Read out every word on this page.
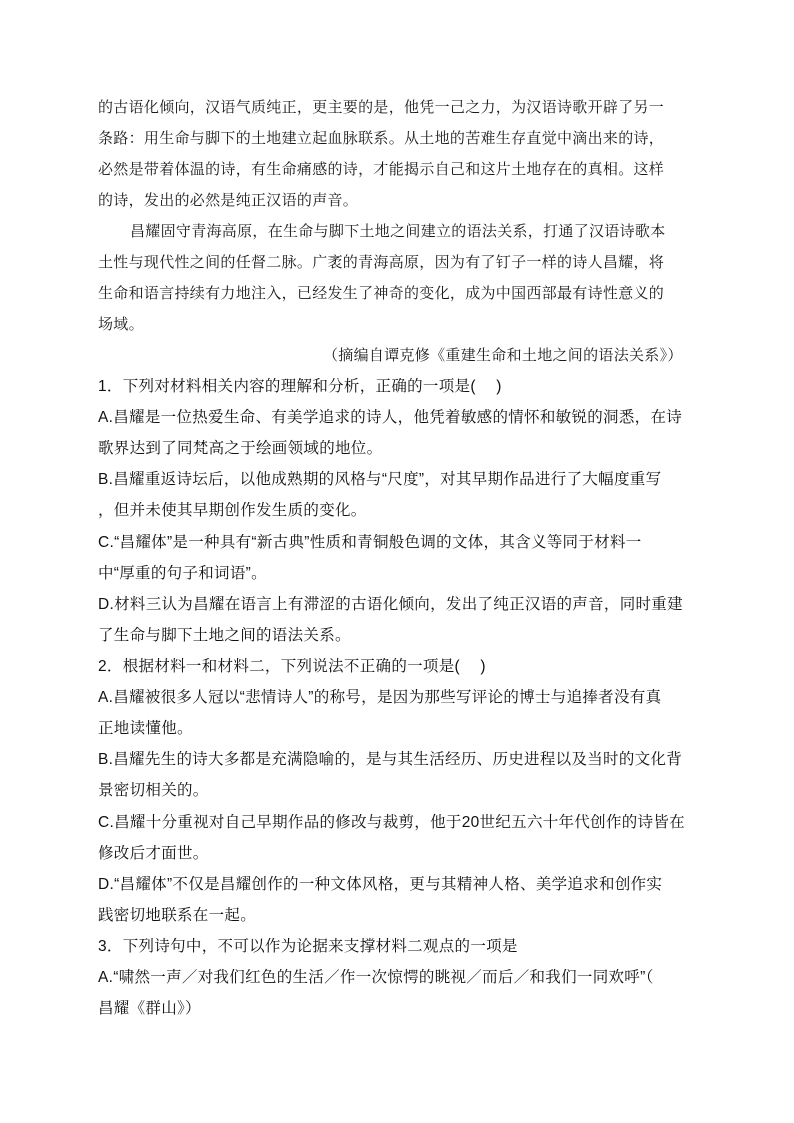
的古语化倾向，汉语气质纯正，更主要的是，他凭一己之力，为汉语诗歌开辟了另一
条路：用生命与脚下的土地建立起血脉联系。从土地的苦难生存直觉中滴出来的诗，
必然是带着体温的诗，有生命痛感的诗，才能揭示自己和这片土地存在的真相。这样
的诗，发出的必然是纯正汉语的声音。
昌耀固守青海高原，在生命与脚下土地之间建立的语法关系，打通了汉语诗歌本
土性与现代性之间的任督二脉。广袤的青海高原，因为有了钉子一样的诗人昌耀，将
生命和语言持续有力地注入，已经发生了神奇的变化，成为中国西部最有诗性意义的
场域。
（摘编自谭克修《重建生命和土地之间的语法关系》）
1．下列对材料相关内容的理解和分析，正确的一项是(　 )
A.昌耀是一位热爱生命、有美学追求的诗人，他凭着敏感的情怀和敏锐的洞悉，在诗
歌界达到了同梵高之于绘画领域的地位。
B.昌耀重返诗坛后，以他成熟期的风格与“尺度”，对其早期作品进行了大幅度重写
，但并未使其早期创作发生质的变化。
C.“昌耀体”是一种具有“新古典”性质和青铜般色调的文体，其含义等同于材料一
中“厚重的句子和词语”。
D.材料三认为昌耀在语言上有滞涩的古语化倾向，发出了纯正汉语的声音，同时重建
了生命与脚下土地之间的语法关系。
2．根据材料一和材料二，下列说法不正确的一项是(　 )
A.昌耀被很多人冠以“悲情诗人”的称号，是因为那些写评论的博士与追捧者没有真
正地读懂他。
B.昌耀先生的诗大多都是充满隐喻的，是与其生活经历、历史进程以及当时的文化背
景密切相关的。
C.昌耀十分重视对自己早期作品的修改与裁剪，他于20世纪五六十年代创作的诗皆在
修改后才面世。
D.“昌耀体”不仅是昌耀创作的一种文体风格，更与其精神人格、美学追求和创作实
践密切地联系在一起。
3．下列诗句中，不可以作为论据来支撑材料二观点的一项是
A.“啸然一声／对我们红色的生活／作一次惊愕的眺视／而后／和我们一同欢呼”（
昌耀《群山》）
